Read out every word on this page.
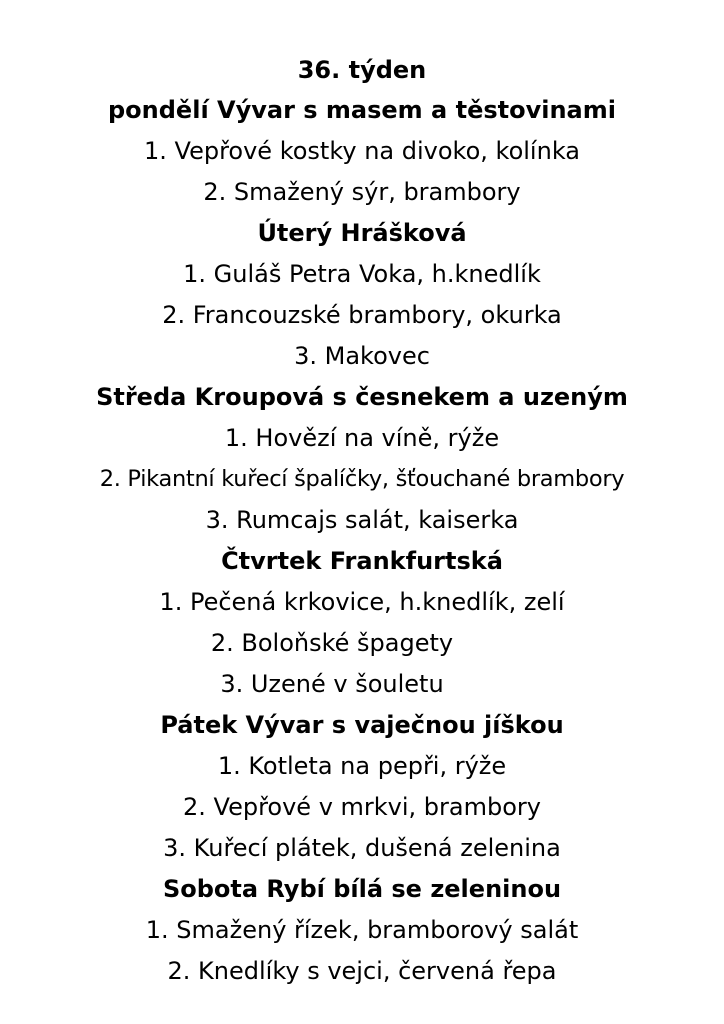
36. týden
pondělí Vývar s masem a těstovinami
1. Vepřové kostky na divoko, kolínka
2. Smažený sýr, brambory
Úterý Hrášková
1. Guláš Petra Voka, h.knedlík
2. Francouzské brambory, okurka
3. Makovec
Středa Kroupová s česnekem a uzeným
1. Hovězí na víně, rýže
2. Pikantní kuřecí špalíčky, šťouchané brambory
3. Rumcajs salát, kaiserka
Čtvrtek Frankfurtská
1. Pečená krkovice, h.knedlík, zelí
2. Boloňské špagety
3. Uzené v šouletu
Pátek Vývar s vaječnou jíškou
1. Kotleta na pepři, rýže
2. Vepřové v mrkvi, brambory
3. Kuřecí plátek, dušená zelenina
Sobota Rybí bílá se zeleninou
1. Smažený řízek, bramborový salát
2. Knedlíky s vejci, červená řepa
